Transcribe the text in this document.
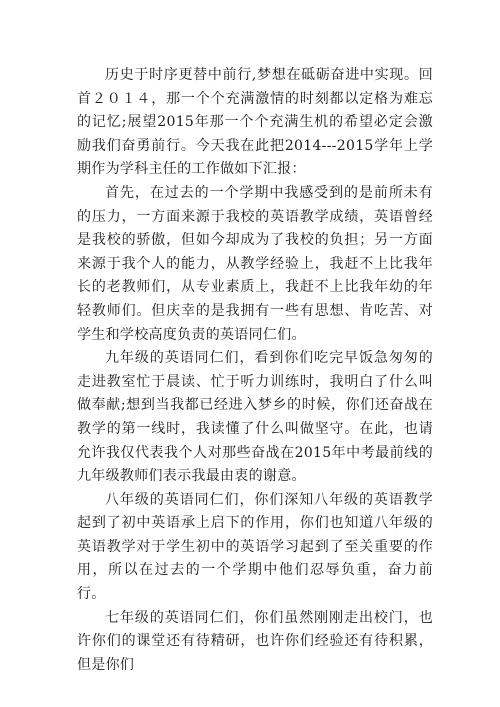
历史于时序更替中前行,梦想在砥砺奋进中实现。回首２０１４，那一个个充满激情的时刻都以定格为难忘的记忆;展望2015年那一个个充满生机的希望必定会激励我们奋勇前行。今天我在此把2014---2015学年上学期作为学科主任的工作做如下汇报：

首先，在过去的一个学期中我感受到的是前所未有的压力，一方面来源于我校的英语教学成绩，英语曾经是我校的骄傲，但如今却成为了我校的负担；另一方面来源于我个人的能力，从教学经验上，我赶不上比我年长的老教师们，从专业素质上，我赶不上比我年幼的年轻教师们。但庆幸的是我拥有一些有思想、肯吃苦、对学生和学校高度负责的英语同仁们。

九年级的英语同仁们，看到你们吃完早饭急匆匆的走进教室忙于晨读、忙于听力训练时，我明白了什么叫做奉献;想到当我都已经进入梦乡的时候，你们还奋战在教学的第一线时，我读懂了什么叫做坚守。在此，也请允许我仅代表我个人对那些奋战在2015年中考最前线的九年级教师们表示我最由衷的谢意。

八年级的英语同仁们，你们深知八年级的英语教学起到了初中英语承上启下的作用，你们也知道八年级的英语教学对于学生初中的英语学习起到了至关重要的作用，所以在过去的一个学期中他们忍辱负重，奋力前行。

七年级的英语同仁们，你们虽然刚刚走出校门，也许你们的课堂还有待精研，也许你们经验还有待积累，但是你们
